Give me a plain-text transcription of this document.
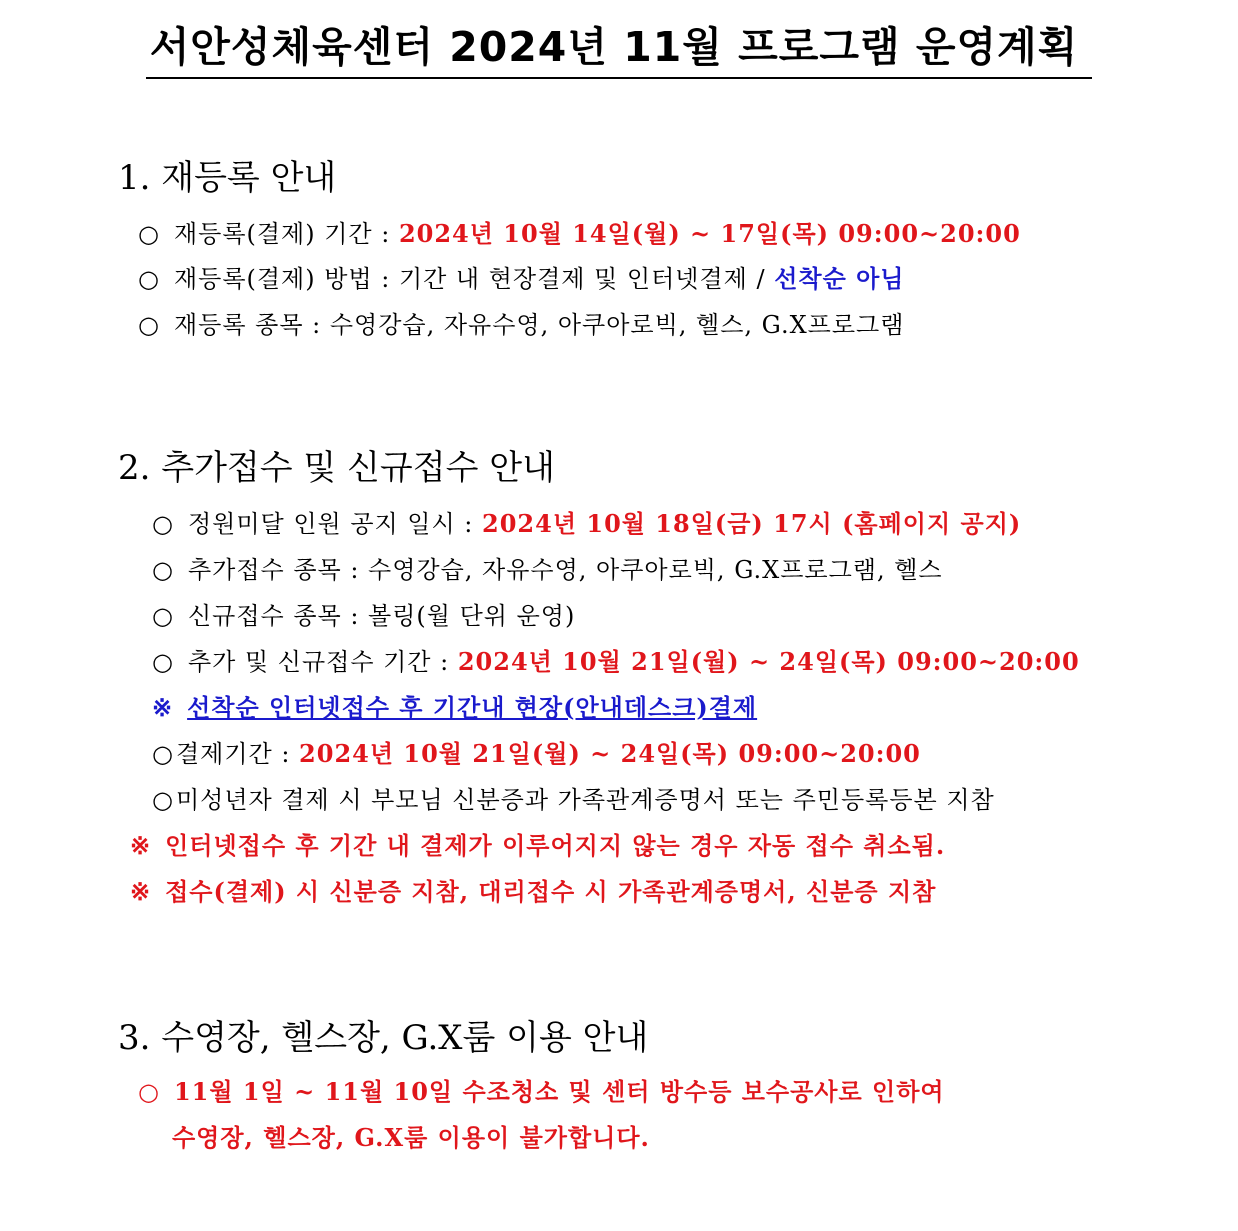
서안성체육센터 2024년 11월 프로그램 운영계획
1. 재등록 안내
○ 재등록(결제) 기간 : 2024년 10월 14일(월) ~ 17일(목) 09:00~20:00
○ 재등록(결제) 방법 : 기간 내 현장결제 및 인터넷결제 / 선착순 아님
○ 재등록 종목 : 수영강습, 자유수영, 아쿠아로빅, 헬스, G.X프로그램
2. 추가접수 및 신규접수 안내
○ 정원미달 인원 공지 일시 : 2024년 10월 18일(금) 17시 (홈페이지 공지)
○ 추가접수 종목 : 수영강습, 자유수영, 아쿠아로빅, G.X프로그램, 헬스
○ 신규접수 종목 : 볼링(월 단위 운영)
○ 추가 및 신규접수 기간 : 2024년 10월 21일(월) ~ 24일(목) 09:00~20:00
※ 선착순 인터넷접수 후 기간내 현장(안내데스크)결제
○결제기간 : 2024년 10월 21일(월) ~ 24일(목) 09:00~20:00
○미성년자 결제 시 부모님 신분증과 가족관계증명서 또는 주민등록등본 지참
※ 인터넷접수 후 기간 내 결제가 이루어지지 않는 경우 자동 접수 취소됨.
※ 접수(결제) 시 신분증 지참, 대리접수 시 가족관계증명서, 신분증 지참
3. 수영장, 헬스장, G.X룸 이용 안내
○ 11월 1일 ~ 11월 10일 수조청소 및 센터 방수등 보수공사로 인하여
수영장, 헬스장, G.X룸 이용이 불가합니다.
